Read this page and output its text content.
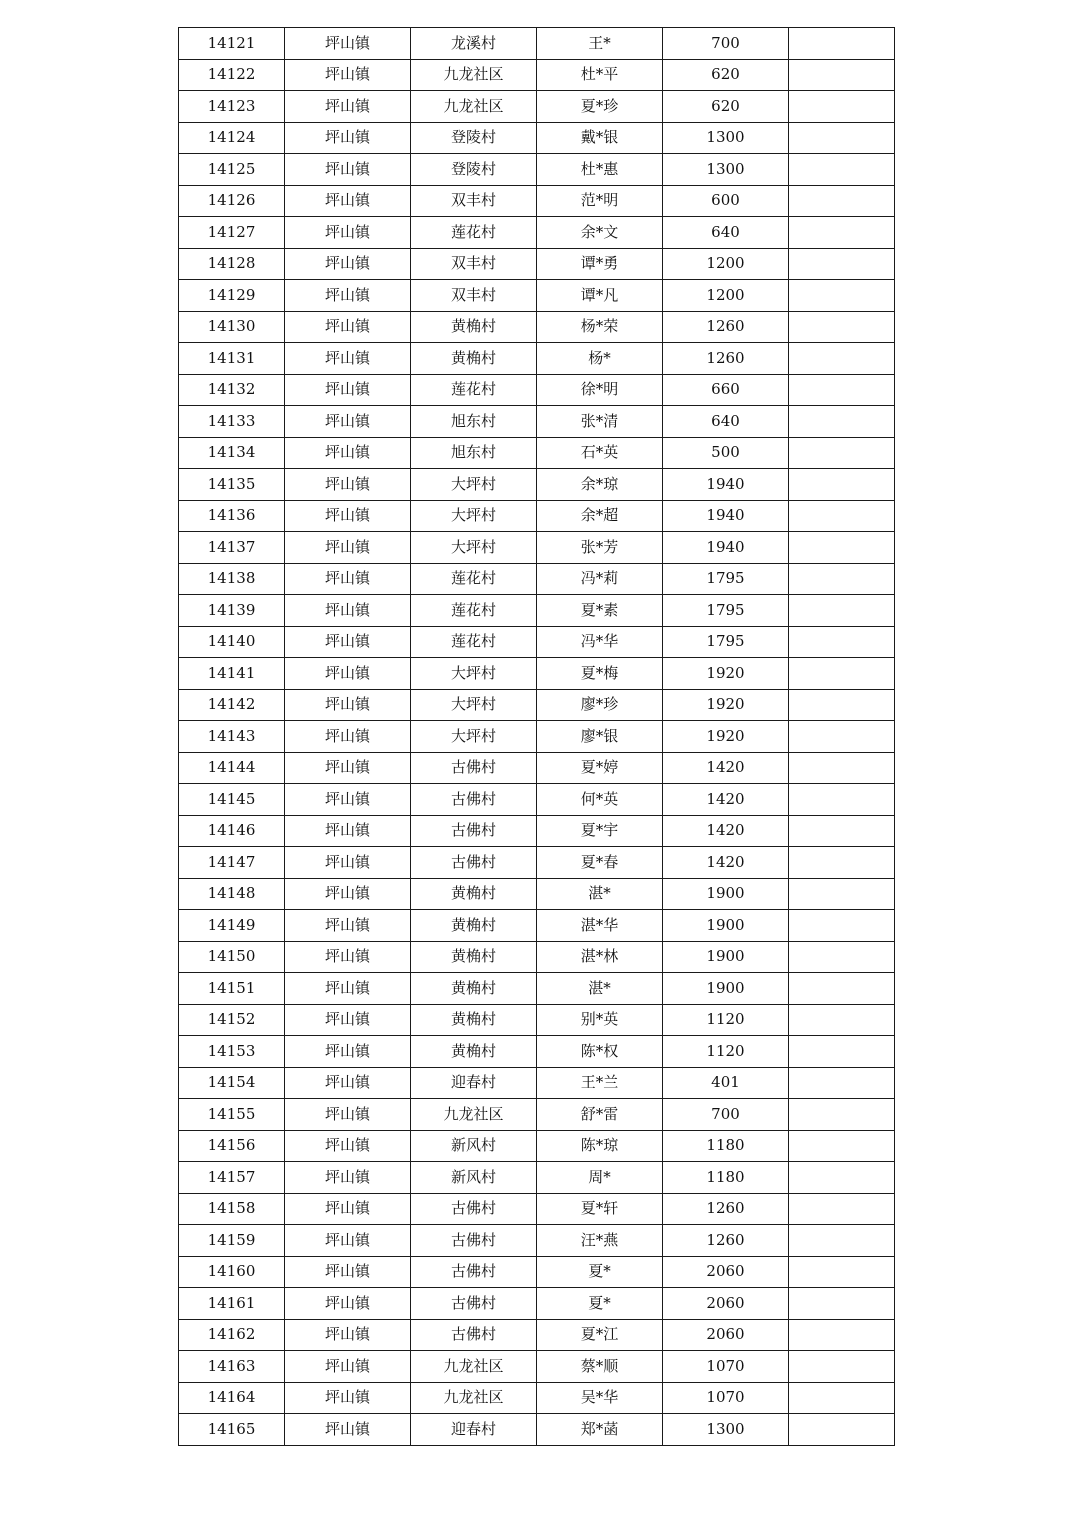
14121	坪山镇	龙溪村	王*	700	
14122	坪山镇	九龙社区	杜*平	620	
14123	坪山镇	九龙社区	夏*珍	620	
14124	坪山镇	登陵村	戴*银	1300	
14125	坪山镇	登陵村	杜*惠	1300	
14126	坪山镇	双丰村	范*明	600	
14127	坪山镇	莲花村	余*文	640	
14128	坪山镇	双丰村	谭*勇	1200	
14129	坪山镇	双丰村	谭*凡	1200	
14130	坪山镇	黄桷村	杨*荣	1260	
14131	坪山镇	黄桷村	杨*	1260	
14132	坪山镇	莲花村	徐*明	660	
14133	坪山镇	旭东村	张*清	640	
14134	坪山镇	旭东村	石*英	500	
14135	坪山镇	大坪村	余*琼	1940	
14136	坪山镇	大坪村	余*超	1940	
14137	坪山镇	大坪村	张*芳	1940	
14138	坪山镇	莲花村	冯*莉	1795	
14139	坪山镇	莲花村	夏*素	1795	
14140	坪山镇	莲花村	冯*华	1795	
14141	坪山镇	大坪村	夏*梅	1920	
14142	坪山镇	大坪村	廖*珍	1920	
14143	坪山镇	大坪村	廖*银	1920	
14144	坪山镇	古佛村	夏*婷	1420	
14145	坪山镇	古佛村	何*英	1420	
14146	坪山镇	古佛村	夏*宇	1420	
14147	坪山镇	古佛村	夏*春	1420	
14148	坪山镇	黄桷村	湛*	1900	
14149	坪山镇	黄桷村	湛*华	1900	
14150	坪山镇	黄桷村	湛*林	1900	
14151	坪山镇	黄桷村	湛*	1900	
14152	坪山镇	黄桷村	别*英	1120	
14153	坪山镇	黄桷村	陈*权	1120	
14154	坪山镇	迎春村	王*兰	401	
14155	坪山镇	九龙社区	舒*雷	700	
14156	坪山镇	新风村	陈*琼	1180	
14157	坪山镇	新风村	周*	1180	
14158	坪山镇	古佛村	夏*轩	1260	
14159	坪山镇	古佛村	汪*燕	1260	
14160	坪山镇	古佛村	夏*	2060	
14161	坪山镇	古佛村	夏*	2060	
14162	坪山镇	古佛村	夏*江	2060	
14163	坪山镇	九龙社区	蔡*顺	1070	
14164	坪山镇	九龙社区	吴*华	1070	
14165	坪山镇	迎春村	郑*菡	1300	
